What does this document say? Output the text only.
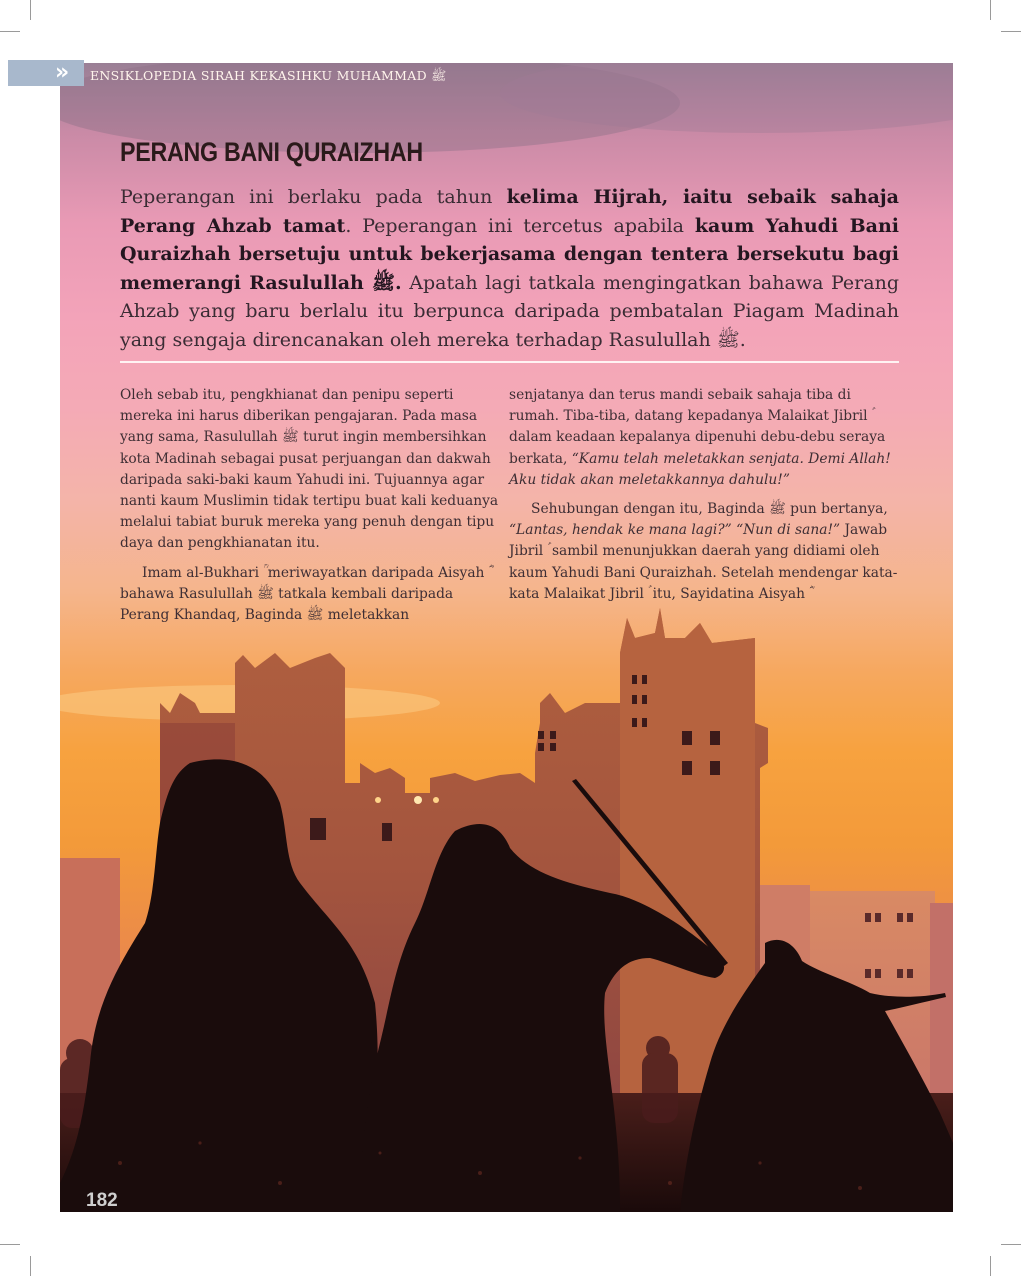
» ENSIKLOPEDIA SIRAH KEKASIHKU MUHAMMAD ﷺ
PERANG BANI QURAIZHAH

Peperangan ini berlaku pada tahun kelima Hijrah, iaitu sebaik sahaja Perang Ahzab tamat. Peperangan ini tercetus apabila kaum Yahudi Bani Quraizhah bersetuju untuk bekerjasama dengan tentera bersekutu bagi memerangi Rasulullah ﷺ. Apatah lagi tatkala mengingatkan bahawa Perang Ahzab yang baru berlalu itu berpunca daripada pembatalan Piagam Madinah yang sengaja direncanakan oleh mereka terhadap Rasulullah ﷺ.

Oleh sebab itu, pengkhianat dan penipu seperti mereka ini harus diberikan pengajaran. Pada masa yang sama, Rasulullah ﷺ turut ingin membersihkan kota Madinah sebagai pusat perjuangan dan dakwah daripada saki-baki kaum Yahudi ini. Tujuannya agar nanti kaum Muslimin tidak tertipu buat kali keduanya melalui tabiat buruk mereka yang penuh dengan tipu daya dan pengkhianatan itu.

Imam al-Bukhari ؒ meriwayatkan daripada Aisyah ؓ bahawa Rasulullah ﷺ tatkala kembali daripada Perang Khandaq, Baginda ﷺ meletakkan

senjatanya dan terus mandi sebaik sahaja tiba di rumah. Tiba-tiba, datang kepadanya Malaikat Jibril ؑ dalam keadaan kepalanya dipenuhi debu-debu seraya berkata, “Kamu telah meletakkan senjata. Demi Allah! Aku tidak akan meletakkannya dahulu!”

Sehubungan dengan itu, Baginda ﷺ pun bertanya, “Lantas, hendak ke mana lagi?” “Nun di sana!” Jawab Jibril ؑ sambil menunjukkan daerah yang didiami oleh kaum Yahudi Bani Quraizhah. Setelah mendengar kata-kata Malaikat Jibril ؑ itu, Sayidatina Aisyah ؓ

182
